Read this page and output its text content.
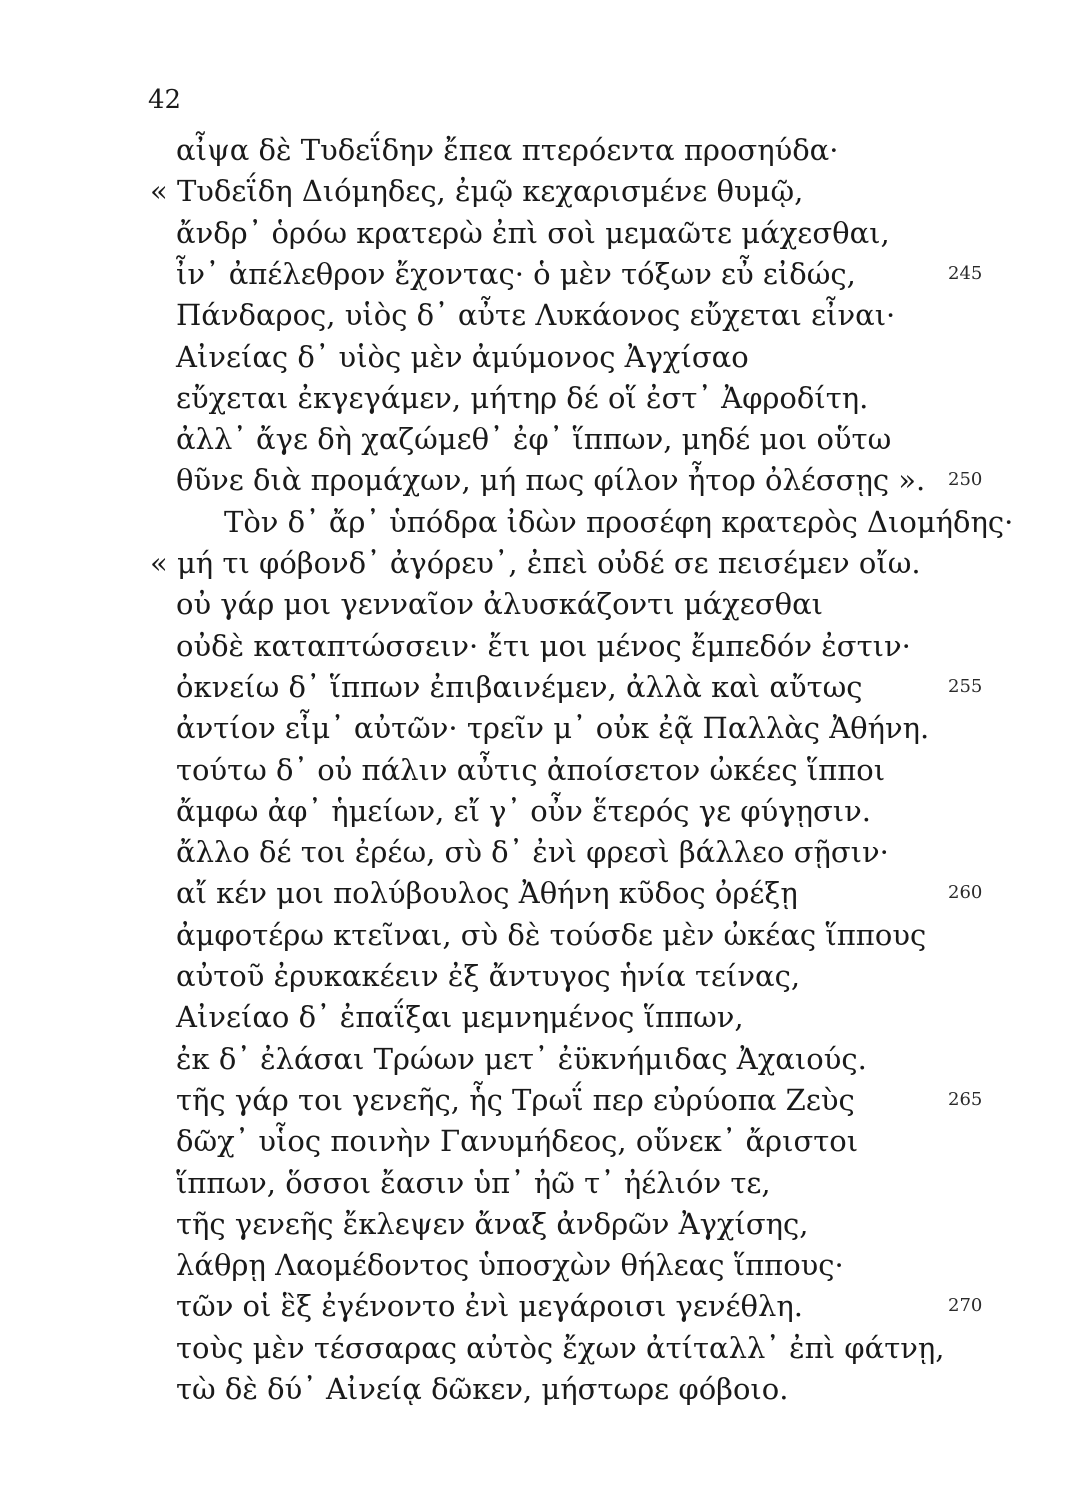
42
αἶψα δὲ Τυδεΐδην ἔπεα πτερόεντα προσηύδα·
« Τυδεΐδη Διόμηδες, ἐμῷ κεχαρισμένε θυμῷ,
ἄνδρ᾽ ὁρόω κρατερὼ ἐπὶ σοὶ μεμαῶτε μάχεσθαι,
ἶν᾽ ἀπέλεθρον ἔχοντας· ὁ μὲν τόξων εὖ εἰδώς,	245
Πάνδαρος, υἱὸς δ᾽ αὖτε Λυκάονος εὔχεται εἶναι·
Αἰνείας δ᾽ υἱὸς μὲν ἀμύμονος Ἀγχίσαο
εὔχεται ἐκγεγάμεν, μήτηρ δέ οἵ ἐστ᾽ Ἀφροδίτη.
ἀλλ᾽ ἄγε δὴ χαζώμεθ᾽ ἐφ᾽ ἵππων, μηδέ μοι οὕτω
θῦνε διὰ προμάχων, μή πως φίλον ἦτορ ὀλέσσῃς ». 250
Τὸν δ᾽ ἄρ᾽ ὑπόδρα ἰδὼν προσέφη κρατερὸς Διομήδης·
« μή τι φόβονδ᾽ ἀγόρευ᾽, ἐπεὶ οὐδέ σε πεισέμεν οἴω.
οὐ γάρ μοι γενναῖον ἀλυσκάζοντι μάχεσθαι
οὐδὲ καταπτώσσειν· ἔτι μοι μένος ἔμπεδόν ἐστιν·
ὀκνείω δ᾽ ἵππων ἐπιβαινέμεν, ἀλλὰ καὶ αὔτως	255
ἀντίον εἶμ᾽ αὐτῶν· τρεῖν μ᾽ οὐκ ἐᾷ Παλλὰς Ἀθήνη.
τούτω δ᾽ οὐ πάλιν αὖτις ἀποίσετον ὠκέες ἵπποι
ἄμφω ἀφ᾽ ἡμείων, εἴ γ᾽ οὖν ἕτερός γε φύγῃσιν.
ἄλλο δέ τοι ἐρέω, σὺ δ᾽ ἐνὶ φρεσὶ βάλλεο σῇσιν·
αἴ κέν μοι πολύβουλος Ἀθήνη κῦδος ὀρέξῃ	260
ἀμφοτέρω κτεῖναι, σὺ δὲ τούσδε μὲν ὠκέας ἵππους
αὐτοῦ ἐρυκακέειν ἐξ ἄντυγος ἡνία τείνας,
Αἰνείαο δ᾽ ἐπαΐξαι μεμνημένος ἵππων,
ἐκ δ᾽ ἐλάσαι Τρώων μετ᾽ ἐϋκνήμιδας Ἀχαιούς.
τῆς γάρ τοι γενεῆς, ἧς Τρωΐ περ εὐρύοπα Ζεὺς	265
δῶχ᾽ υἷος ποινὴν Γανυμήδεος, οὕνεκ᾽ ἄριστοι
ἵππων, ὅσσοι ἔασιν ὑπ᾽ ἠῶ τ᾽ ἠέλιόν τε,
τῆς γενεῆς ἔκλεψεν ἄναξ ἀνδρῶν Ἀγχίσης,
λάθρῃ Λαομέδοντος ὑποσχὼν θήλεας ἵππους·
τῶν οἱ ἓξ ἐγένοντο ἐνὶ μεγάροισι γενέθλη.	270
τοὺς μὲν τέσσαρας αὐτὸς ἔχων ἀτίταλλ᾽ ἐπὶ φάτνῃ,
τὼ δὲ δύ᾽ Αἰνείᾳ δῶκεν, μήστωρε φόβοιο.
